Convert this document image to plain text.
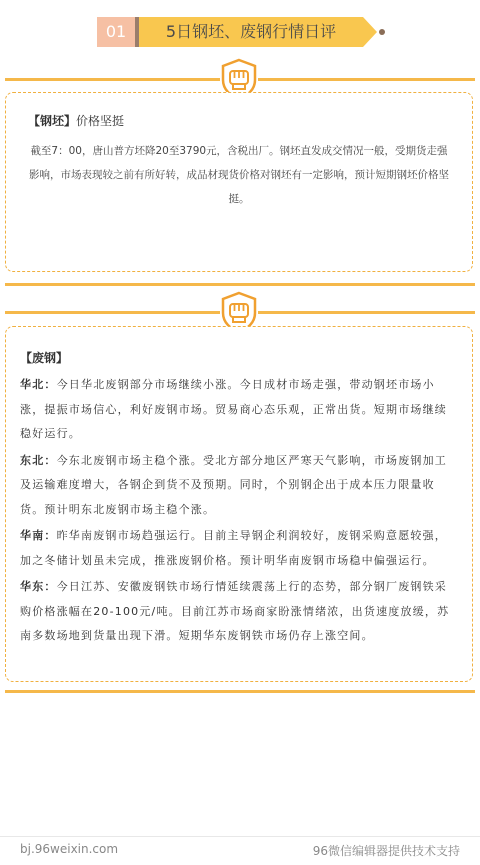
01	5日钢坯、废钢行情日评
【钢坯】价格坚挺

截至7：00，唐山普方坯降20至3790元，含税出厂。钢坯直发成交情况一般，受期货走强影响，市场表现较之前有所好转，成品材现货价格对钢坯有一定影响，预计短期钢坯价格坚挺。

【废钢】

华北：今日华北废钢部分市场继续小涨。今日成材市场走强，带动钢坯市场小涨，提振市场信心，利好废钢市场。贸易商心态乐观，正常出货。短期市场继续稳好运行。

东北：今东北废钢市场主稳个涨。受北方部分地区严寒天气影响，市场废钢加工及运输难度增大，各钢企到货不及预期。同时，个别钢企出于成本压力限量收货。预计明东北废钢市场主稳个涨。

华南：昨华南废钢市场趋强运行。目前主导钢企利润较好，废钢采购意愿较强，加之冬储计划虽未完成，推涨废钢价格。预计明华南废钢市场稳中偏强运行。

华东：今日江苏、安徽废钢铁市场行情延续震荡上行的态势，部分钢厂废钢铁采购价格涨幅在20-100元/吨。目前江苏市场商家盼涨情绪浓，出货速度放缓，苏南多数场地到货量出现下滑。短期华东废钢铁市场仍存上涨空间。

bj.96weixin.com	96微信编辑器提供技术支持
